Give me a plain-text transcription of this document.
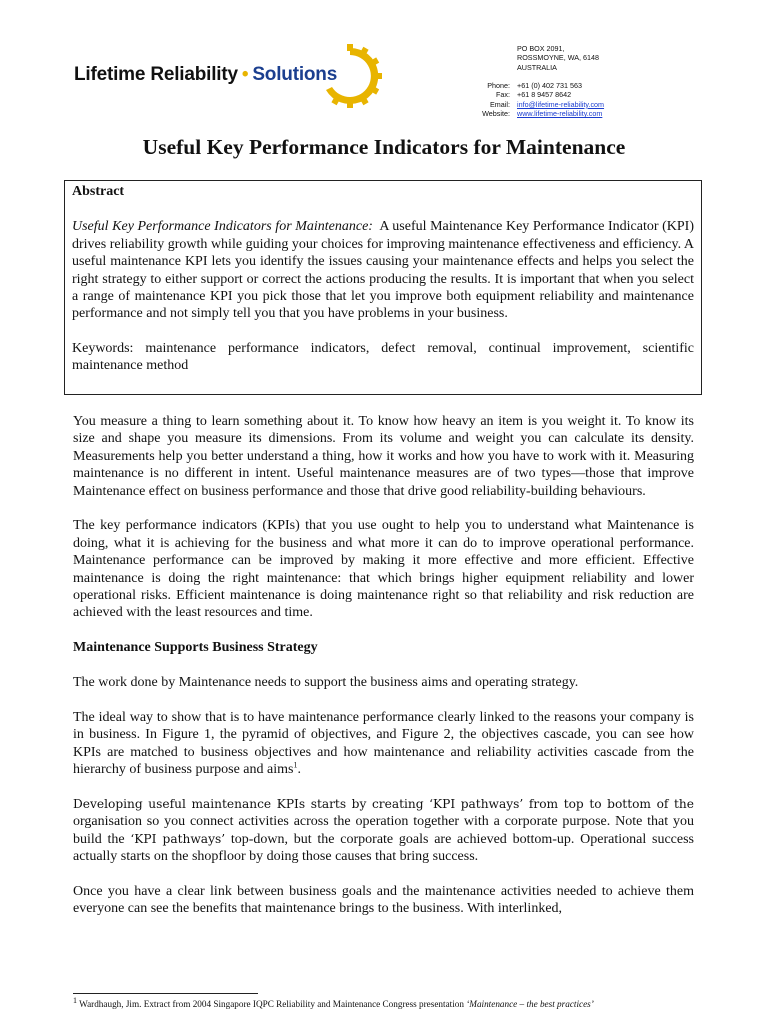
Lifetime Reliability • Solutions
PO BOX 2091,
ROSSMOYNE, WA, 6148
AUSTRALIA
Phone: +61 (0) 402 731 563
Fax: +61 8 9457 8642
Email: info@lifetime-reliability.com
Website: www.lifetime-reliability.com
Useful Key Performance Indicators for Maintenance
Abstract

Useful Key Performance Indicators for Maintenance: A useful Maintenance Key Performance Indicator (KPI) drives reliability growth while guiding your choices for improving maintenance effectiveness and efficiency. A useful maintenance KPI lets you identify the issues causing your maintenance effects and helps you select the right strategy to either support or correct the actions producing the results. It is important that when you select a range of maintenance KPI you pick those that let you improve both equipment reliability and maintenance performance and not simply tell you that you have problems in your business.

Keywords: maintenance performance indicators, defect removal, continual improvement, scientific maintenance method

You measure a thing to learn something about it. To know how heavy an item is you weight it. To know its size and shape you measure its dimensions. From its volume and weight you can calculate its density. Measurements help you better understand a thing, how it works and how you have to work with it. Measuring maintenance is no different in intent. Useful maintenance measures are of two types—those that improve Maintenance effect on business performance and those that drive good reliability-building behaviours.

The key performance indicators (KPIs) that you use ought to help you to understand what Maintenance is doing, what it is achieving for the business and what more it can do to improve operational performance. Maintenance performance can be improved by making it more effective and more efficient. Effective maintenance is doing the right maintenance: that which brings higher equipment reliability and lower operational risks. Efficient maintenance is doing maintenance right so that reliability and risk reduction are achieved with the least resources and time.

Maintenance Supports Business Strategy

The work done by Maintenance needs to support the business aims and operating strategy.

The ideal way to show that is to have maintenance performance clearly linked to the reasons your company is in business. In Figure 1, the pyramid of objectives, and Figure 2, the objectives cascade, you can see how KPIs are matched to business objectives and how maintenance and reliability activities cascade from the hierarchy of business purpose and aims$^1$.

Developing useful maintenance KPIs starts by creating ‘KPI pathways’ from top to bottom of the organisation so you connect activities across the operation together with a corporate purpose. Note that you build the ‘KPI pathways’ top-down, but the corporate goals are achieved bottom-up. Operational success actually starts on the shopfloor by doing those causes that bring success.

Once you have a clear link between business goals and the maintenance activities needed to achieve them everyone can see the benefits that maintenance brings to the business. With interlinked,

$^1$ Wardhaugh, Jim. Extract from 2004 Singapore IQPC Reliability and Maintenance Congress presentation ‘Maintenance – the best practices’
